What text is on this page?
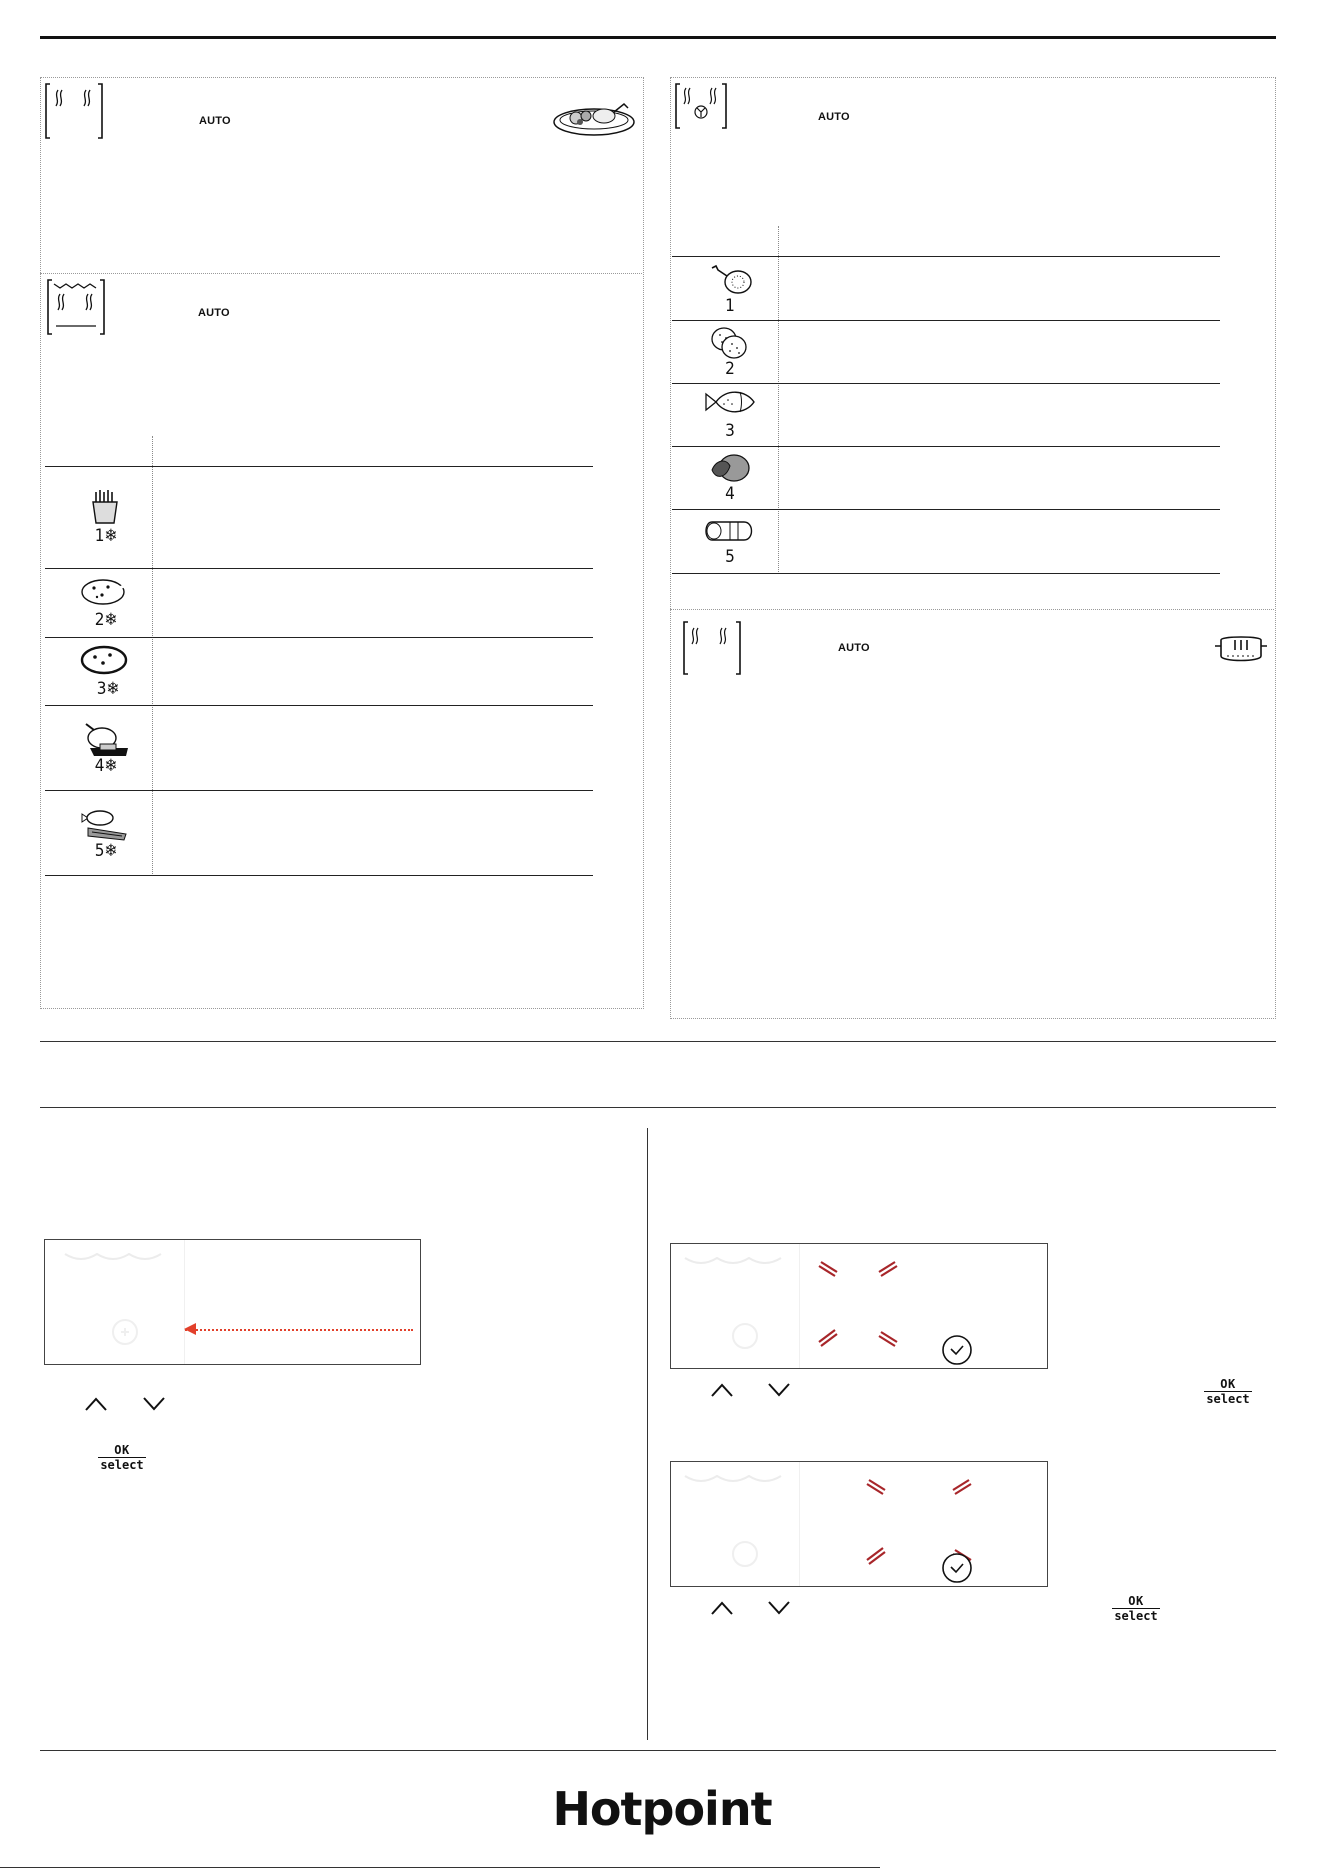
AUTO
AUTO
1❄
2❄
3❄
4❄
5❄
AUTO
1
2
3
4
5
AUTO
OK
select
OK
select
OK
select
Hotpoint
